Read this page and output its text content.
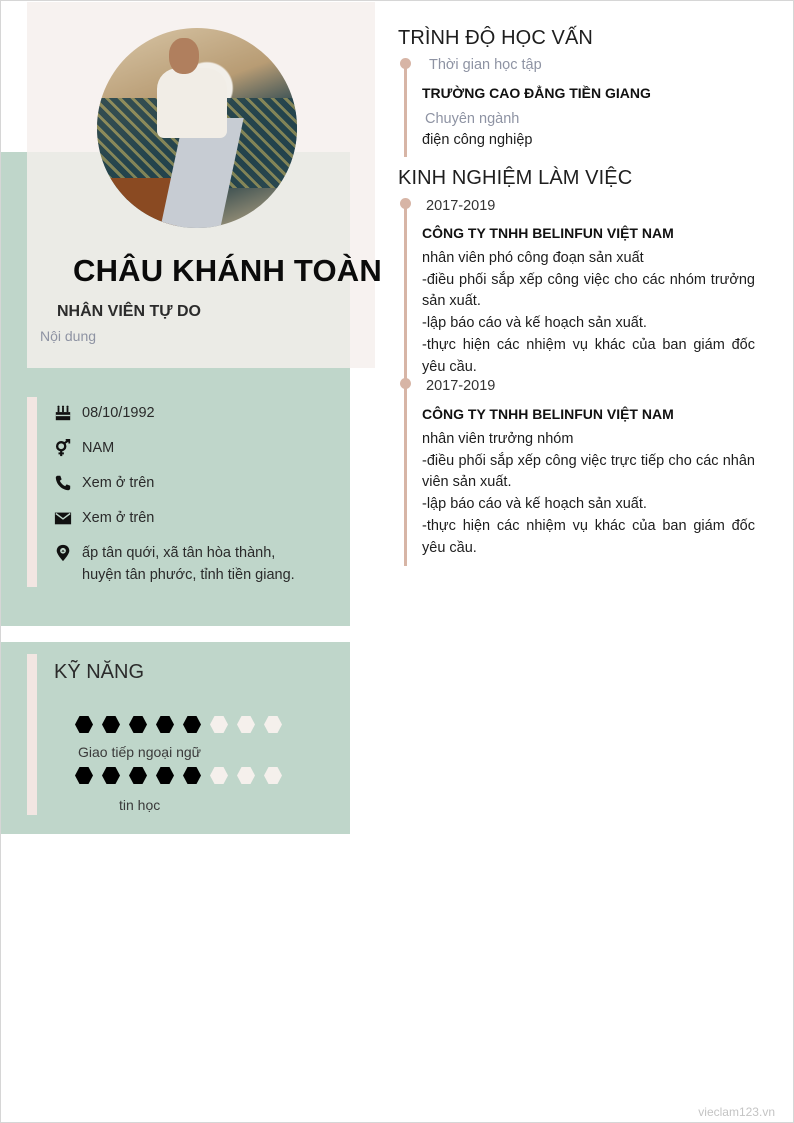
CHÂU KHÁNH TOÀN
NHÂN VIÊN TỰ DO
Nội dung
08/10/1992
NAM
Xem ở trên
Xem ở trên
ấp tân quới, xã tân hòa thành,
huyện tân phước, tỉnh tiền giang.
KỸ NĂNG
Giao tiếp ngoại ngữ
tin học
TRÌNH ĐỘ HỌC VẤN
Thời gian học tập
TRƯỜNG CAO ĐẲNG TIỀN GIANG
Chuyên ngành
điện công nghiệp
KINH NGHIỆM LÀM VIỆC
2017-2019
CÔNG TY TNHH BELINFUN VIỆT NAM
nhân viên phó công đoạn sản xuất
-điều phối sắp xếp công việc cho các nhóm trưởng sản xuất.
-lập báo cáo và kế hoạch sản xuất.
-thực hiện các nhiệm vụ khác của ban giám đốc yêu cầu.
2017-2019
CÔNG TY TNHH BELINFUN VIỆT NAM
nhân viên trưởng nhóm
-điều phối sắp xếp công việc trực tiếp cho các nhân viên sản xuất.
-lập báo cáo và kế hoạch sản xuất.
-thực hiện các nhiệm vụ khác của ban giám đốc yêu cầu.
vieclam123.vn
